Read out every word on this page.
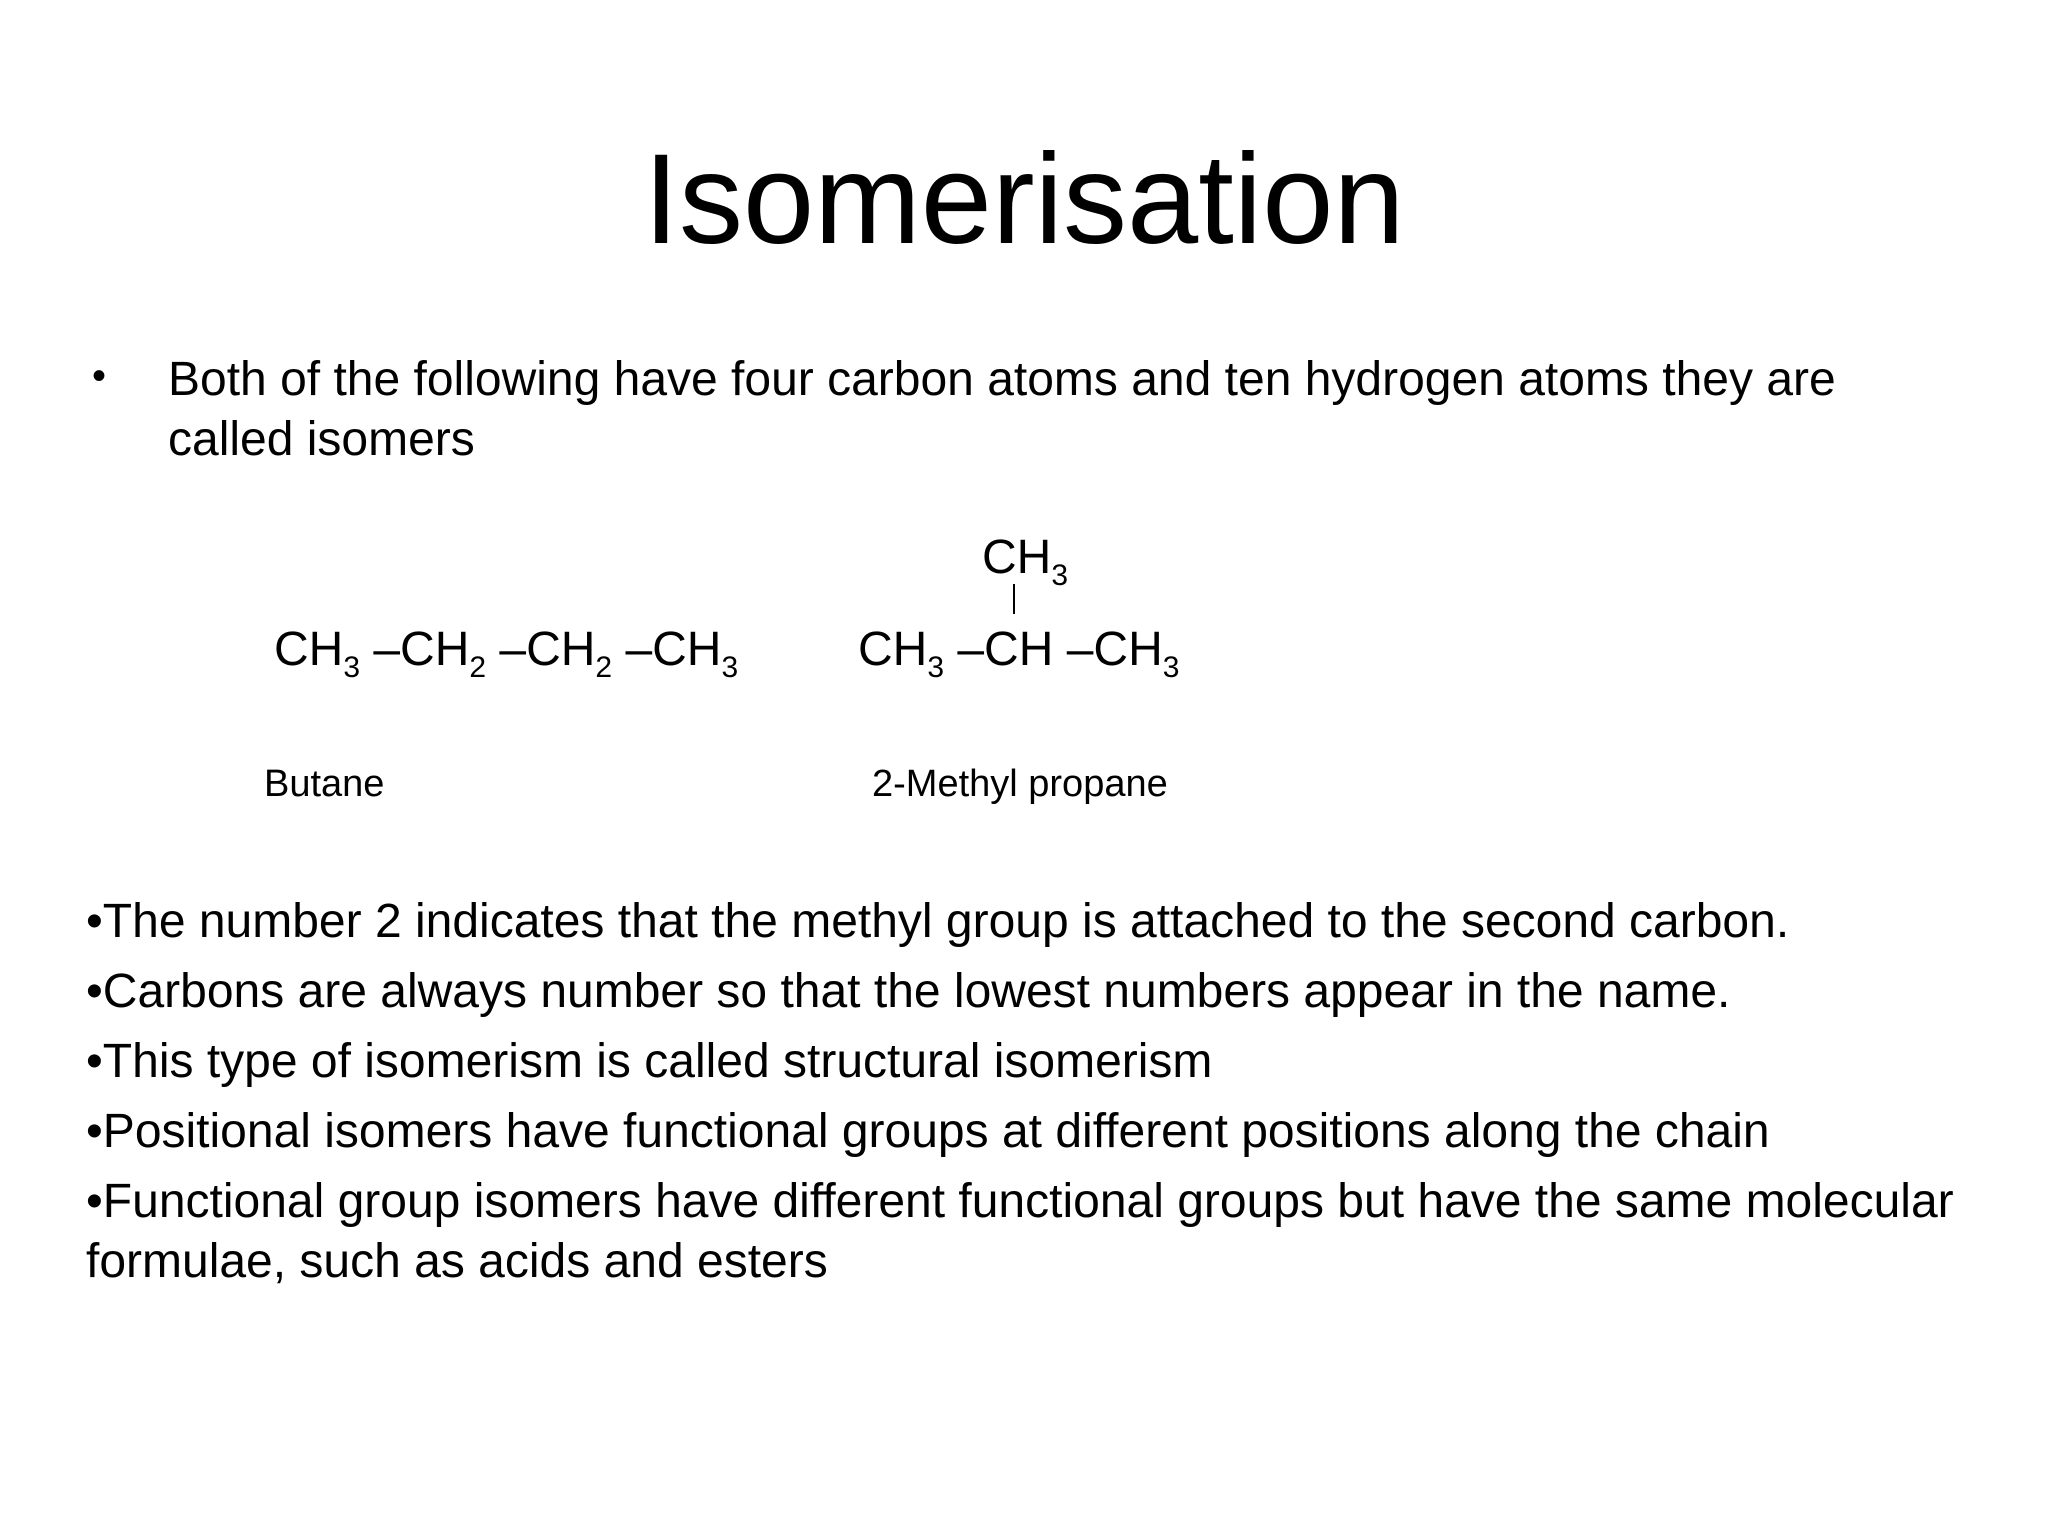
Isomerisation
• Both of the following have four carbon atoms and ten hydrogen atoms they are called isomers
$CH_3$ $-CH_2$ $-CH_2$ $-CH_3$
$CH_3$
$CH_3$ –CH $-CH_3$
Butane	2-Methyl propane
•The number 2 indicates that the methyl group is attached to the second carbon.
•Carbons are always number so that the lowest numbers appear in the name.
•This type of isomerism is called structural isomerism
•Positional isomers have functional groups at different positions along the chain
•Functional group isomers have different functional groups but have the same molecular formulae, such as acids and esters
